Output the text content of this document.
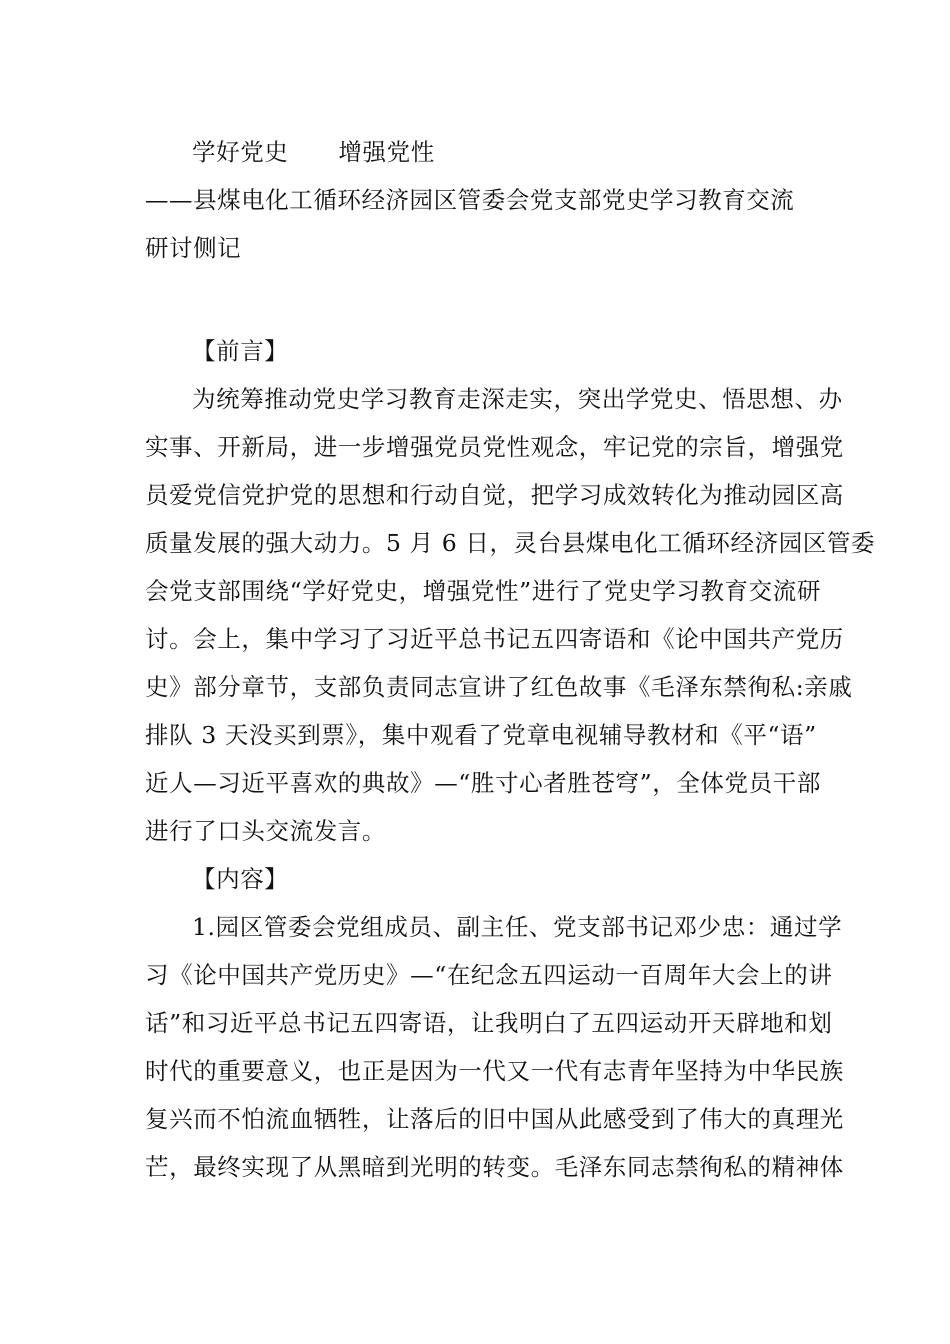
学好党史 增强党性
——县煤电化工循环经济园区管委会党支部党史学习教育交流
研讨侧记
【前言】
为统筹推动党史学习教育走深走实，突出学党史、悟思想、办
实事、开新局，进一步增强党员党性观念，牢记党的宗旨，增强党
员爱党信党护党的思想和行动自觉，把学习成效转化为推动园区高
质量发展的强大动力。5 月 6 日，灵台县煤电化工循环经济园区管委
会党支部围绕“学好党史，增强党性”进行了党史学习教育交流研
讨。会上，集中学习了习近平总书记五四寄语和《论中国共产党历
史》部分章节，支部负责同志宣讲了红色故事《毛泽东禁徇私:亲戚
排队 3 天没买到票》，集中观看了党章电视辅导教材和《平“语”
近人—习近平喜欢的典故》—“胜寸心者胜苍穹”，全体党员干部
进行了口头交流发言。
【内容】
1.园区管委会党组成员、副主任、党支部书记邓少忠：通过学
习《论中国共产党历史》—“在纪念五四运动一百周年大会上的讲
话”和习近平总书记五四寄语，让我明白了五四运动开天辟地和划
时代的重要意义，也正是因为一代又一代有志青年坚持为中华民族
复兴而不怕流血牺牲，让落后的旧中国从此感受到了伟大的真理光
芒，最终实现了从黑暗到光明的转变。毛泽东同志禁徇私的精神体
